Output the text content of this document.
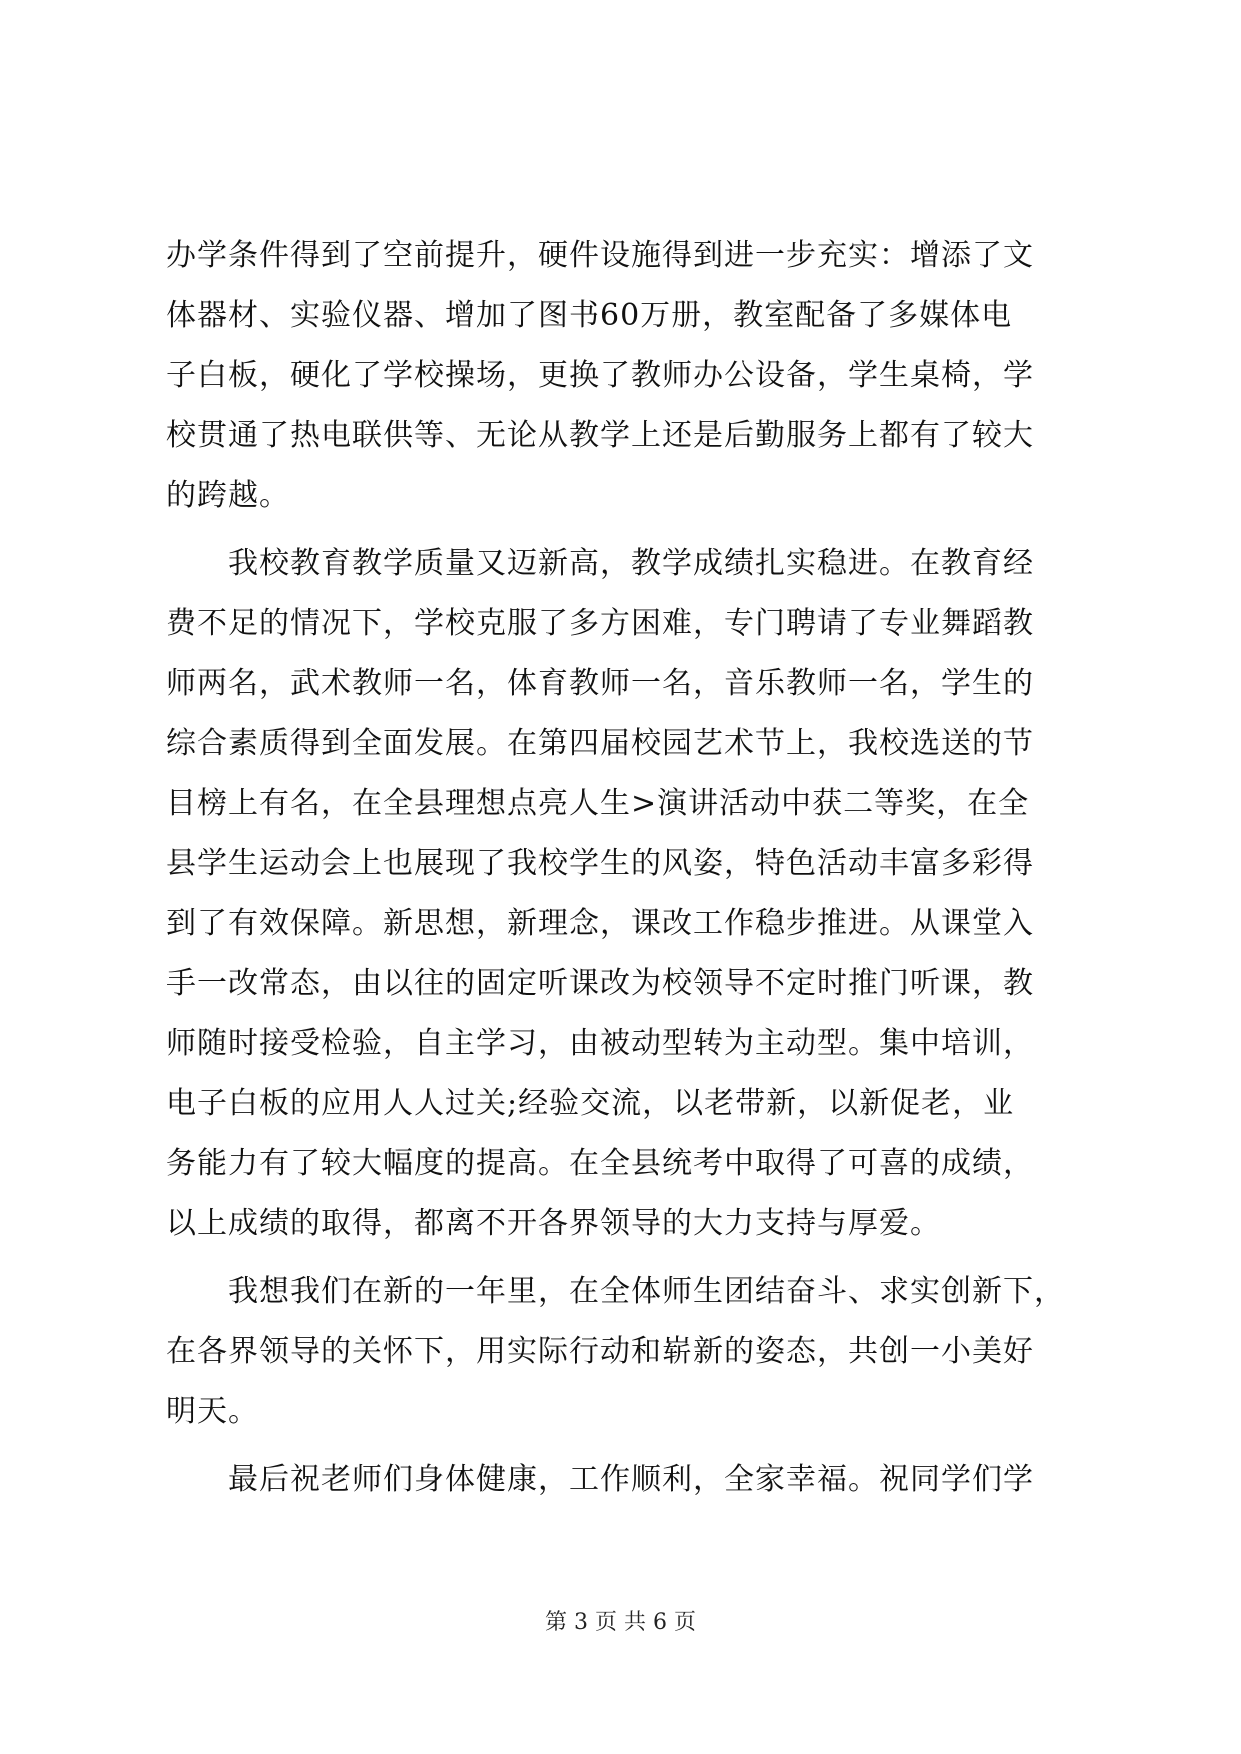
办学条件得到了空前提升，硬件设施得到进一步充实：增添了文
体器材、实验仪器、增加了图书60万册，教室配备了多媒体电
子白板，硬化了学校操场，更换了教师办公设备，学生桌椅，学
校贯通了热电联供等、无论从教学上还是后勤服务上都有了较大
的跨越。
　　我校教育教学质量又迈新高，教学成绩扎实稳进。在教育经
费不足的情况下，学校克服了多方困难，专门聘请了专业舞蹈教
师两名，武术教师一名，体育教师一名，音乐教师一名，学生的
综合素质得到全面发展。在第四届校园艺术节上，我校选送的节
目榜上有名，在全县理想点亮人生>演讲活动中获二等奖，在全
县学生运动会上也展现了我校学生的风姿，特色活动丰富多彩得
到了有效保障。新思想，新理念，课改工作稳步推进。从课堂入
手一改常态，由以往的固定听课改为校领导不定时推门听课，教
师随时接受检验，自主学习，由被动型转为主动型。集中培训，
电子白板的应用人人过关;经验交流，以老带新，以新促老，业
务能力有了较大幅度的提高。在全县统考中取得了可喜的成绩，
以上成绩的取得，都离不开各界领导的大力支持与厚爱。
　　我想我们在新的一年里，在全体师生团结奋斗、求实创新下，
在各界领导的关怀下，用实际行动和崭新的姿态，共创一小美好
明天。
　　最后祝老师们身体健康，工作顺利，全家幸福。祝同学们学
第 3 页 共 6 页
